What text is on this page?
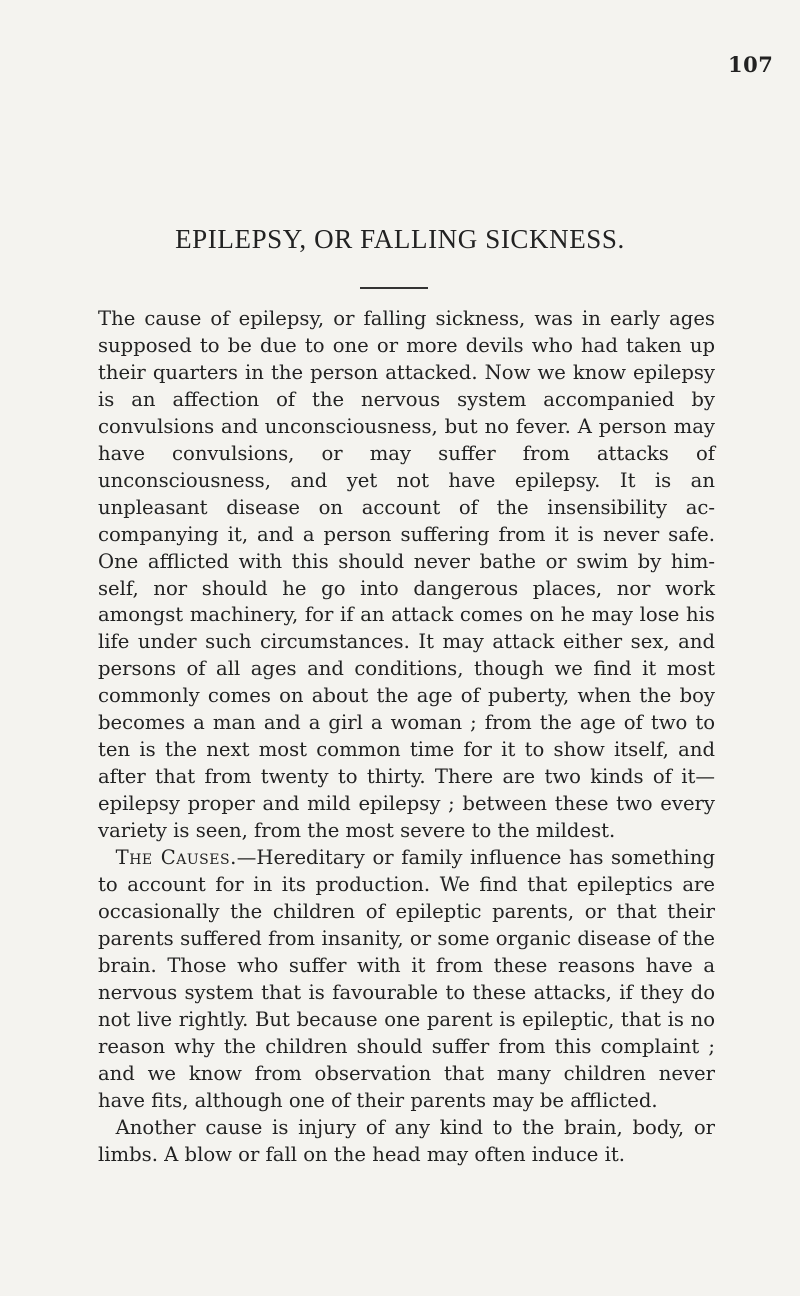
107
EPILEPSY, OR FALLING SICKNESS.

The cause of epilepsy, or falling sickness, was in early ages supposed to be due to one or more devils who had taken up their quarters in the person attacked. Now we know epilepsy is an affection of the nervous system accompanied by convulsions and unconsciousness, but no fever. A person may have convulsions, or may suffer from attacks of unconsciousness, and yet not have epilepsy. It is an unpleasant disease on account of the insensibility accompanying it, and a person suffering from it is never safe. One afflicted with this should never bathe or swim by himself, nor should he go into dangerous places, nor work amongst machinery, for if an attack comes on he may lose his life under such circumstances. It may attack either sex, and persons of all ages and conditions, though we find it most commonly comes on about the age of puberty, when the boy becomes a man and a girl a woman ; from the age of two to ten is the next most common time for it to show itself, and after that from twenty to thirty. There are two kinds of it—epilepsy proper and mild epilepsy ; between these two every variety is seen, from the most severe to the mildest.

The Causes.—Hereditary or family influence has something to account for in its production. We find that epileptics are occasionally the children of epileptic parents, or that their parents suffered from insanity, or some organic disease of the brain. Those who suffer with it from these reasons have a nervous system that is favourable to these attacks, if they do not live rightly. But because one parent is epileptic, that is no reason why the children should suffer from this complaint ; and we know from observation that many children never have fits, although one of their parents may be afflicted.

Another cause is injury of any kind to the brain, body, or limbs. A blow or fall on the head may often induce it.
